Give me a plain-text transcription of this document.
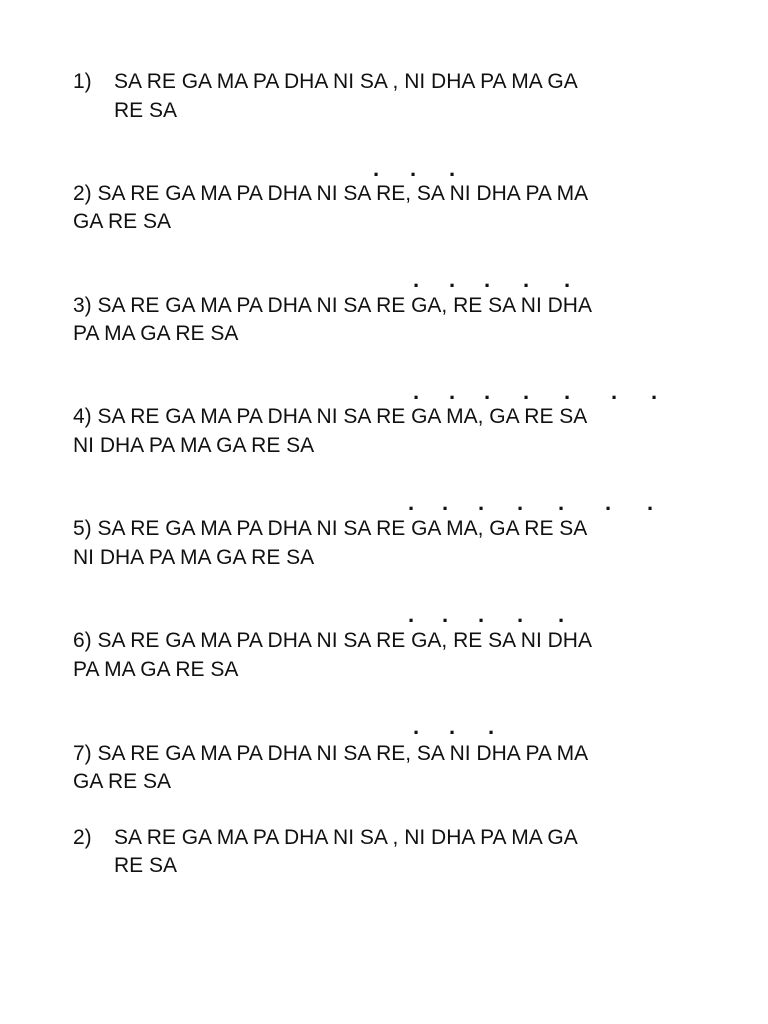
1) SA RE GA MA PA DHA NI SA , NI DHA PA MA GA
RE SA
. . .
2) SA RE GA MA PA DHA NI SA RE, SA NI DHA PA MA
GA RE SA
. . . . .
3) SA RE GA MA PA DHA NI SA RE GA, RE SA NI DHA
PA MA GA RE SA
. . . . . . .
4) SA RE GA MA PA DHA NI SA RE GA MA, GA RE SA
NI DHA PA MA GA RE SA
. . . . . . .
5) SA RE GA MA PA DHA NI SA RE GA MA, GA RE SA
NI DHA PA MA GA RE SA
. . . . .
6) SA RE GA MA PA DHA NI SA RE GA, RE SA NI DHA
PA MA GA RE SA
. . .
7) SA RE GA MA PA DHA NI SA RE, SA NI DHA PA MA
GA RE SA
2) SA RE GA MA PA DHA NI SA , NI DHA PA MA GA
RE SA
